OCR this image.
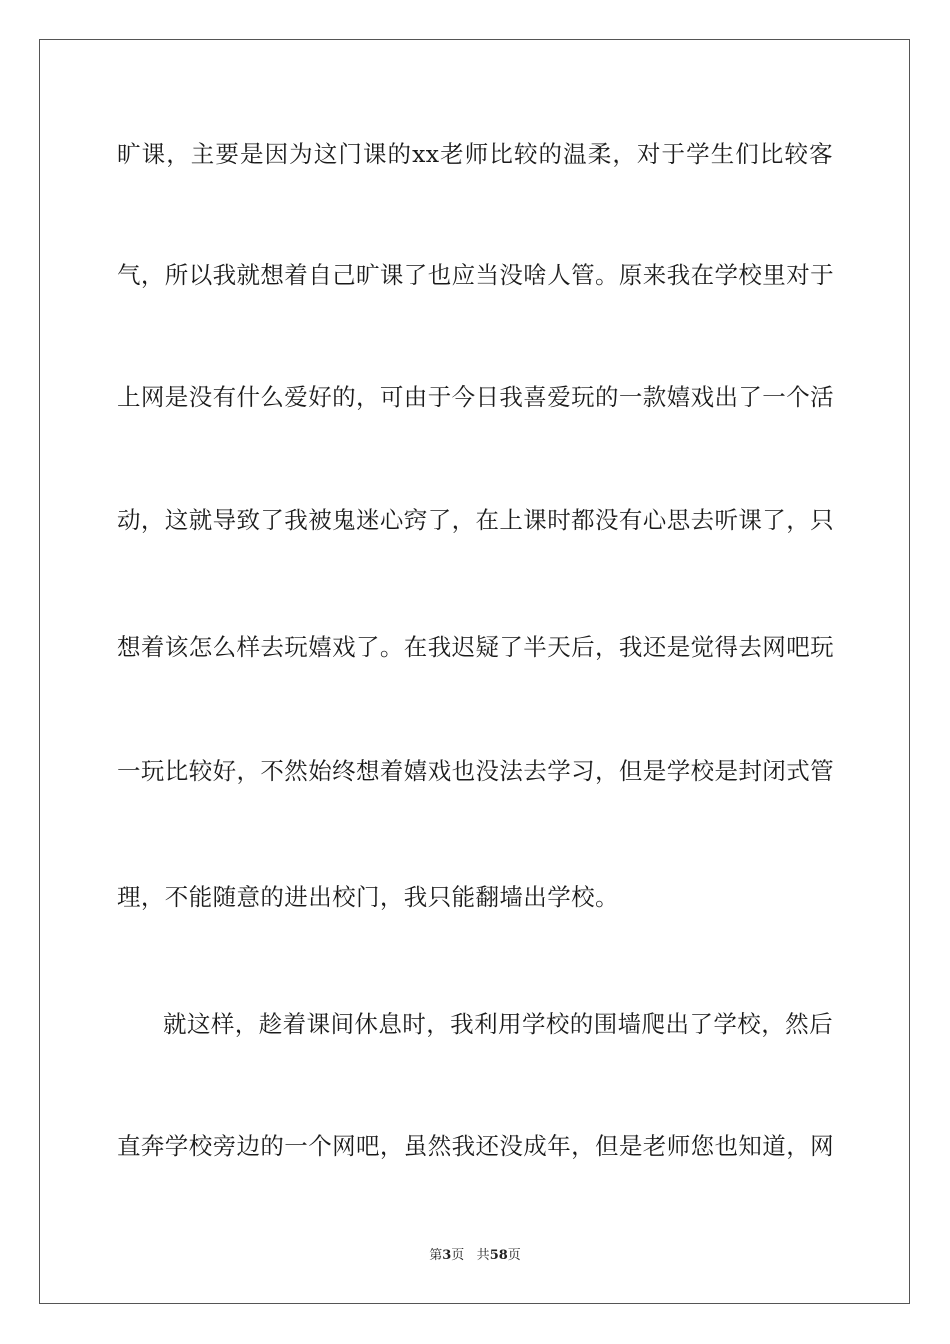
旷课，主要是因为这门课的xx老师比较的温柔，对于学生们比较客
气，所以我就想着自己旷课了也应当没啥人管。原来我在学校里对于
上网是没有什么爱好的，可由于今日我喜爱玩的一款嬉戏出了一个活
动，这就导致了我被鬼迷心窍了，在上课时都没有心思去听课了，只
想着该怎么样去玩嬉戏了。在我迟疑了半天后，我还是觉得去网吧玩
一玩比较好，不然始终想着嬉戏也没法去学习，但是学校是封闭式管
理，不能随意的进出校门，我只能翻墙出学校。
就这样，趁着课间休息时，我利用学校的围墙爬出了学校，然后
直奔学校旁边的一个网吧，虽然我还没成年，但是老师您也知道，网
第3页 共58页
